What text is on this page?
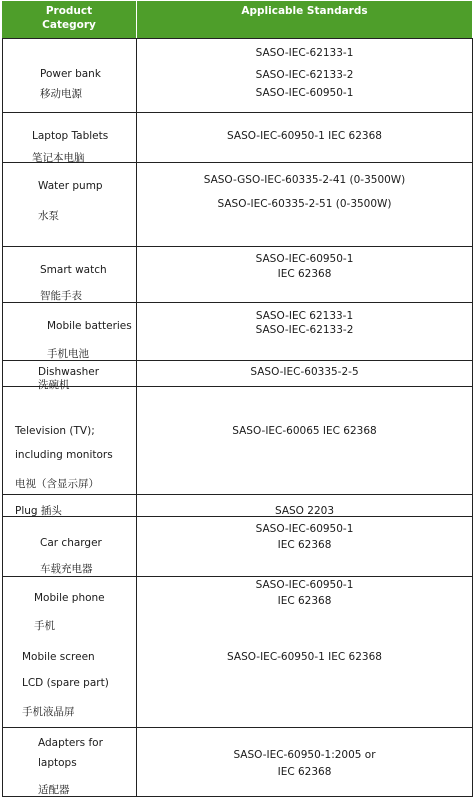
Product
Category
Applicable Standards
Power bank
移动电源
SASO-IEC-62133-1
SASO-IEC-62133-2
SASO-IEC-60950-1
Laptop Tablets
笔记本电脑
SASO-IEC-60950-1 IEC 62368
Water pump
水泵
SASO-GSO-IEC-60335-2-41 (0-3500W)
SASO-IEC-60335-2-51 (0-3500W)
Smart watch
智能手表
SASO-IEC-60950-1
IEC 62368
Mobile batteries
手机电池
SASO-IEC 62133-1
SASO-IEC-62133-2
Dishwasher
洗碗机
SASO-IEC-60335-2-5
Television (TV);
including monitors
电视（含显示屏）
SASO-IEC-60065 IEC 62368
Plug 插头	SASO 2203
Car charger
车载充电器
SASO-IEC-60950-1
IEC 62368
Mobile phone
手机
SASO-IEC-60950-1
IEC 62368
Mobile screen
LCD (spare part)
手机液晶屏
SASO-IEC-60950-1 IEC 62368
Adapters for
laptops
适配器
SASO-IEC-60950-1:2005 or
IEC 62368
